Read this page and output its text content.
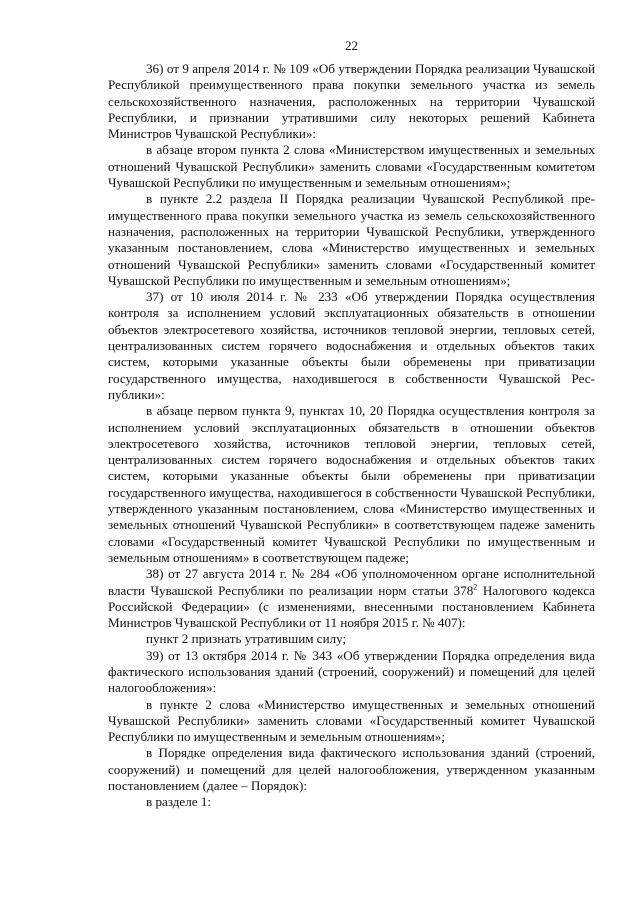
22

36) от 9 апреля 2014 г. № 109 «Об утверждении Порядка реализации Чувашской Республикой преимущественного права покупки земельного участка из земель сельскохозяйственного назначения, расположенных на территории Чувашской Республики, и признании утратившими силу некоторых решений Кабинета Министров Чувашской Республики»:

в абзаце втором пункта 2 слова «Министерством имущественных и земельных отношений Чувашской Республики» заменить словами «Государственным комитетом Чувашской Республики по имущественным и земельным отношениям»;

в пункте 2.2 раздела II Порядка реализации Чувашской Республикой преимущественного права покупки земельного участка из земель сельскохозяйственного назначения, расположенных на территории Чувашской Республики, утвержденного указанным постановлением, слова «Министерство имущественных и земельных отношений Чувашской Республики» заменить словами «Государственный комитет Чувашской Республики по имущественным и земельным отношениям»;

37) от 10 июля 2014 г. № 233 «Об утверждении Порядка осуществления контроля за исполнением условий эксплуатационных обязательств в отношении объектов электросетевого хозяйства, источников тепловой энергии, тепловых сетей, централизованных систем горячего водоснабжения и отдельных объектов таких систем, которыми указанные объекты были обременены при приватизации государственного имущества, находившегося в собственности Чувашской Республики»:

в абзаце первом пункта 9, пунктах 10, 20 Порядка осуществления контроля за исполнением условий эксплуатационных обязательств в отношении объектов электросетевого хозяйства, источников тепловой энергии, тепловых сетей, централизованных систем горячего водоснабжения и отдельных объектов таких систем, которыми указанные объекты были обременены при приватизации государственного имущества, находившегося в собственности Чувашской Республики, утвержденного указанным постановлением, слова «Министерство имущественных и земельных отношений Чувашской Республики» в соответствующем падеже заменить словами «Государственный комитет Чувашской Республики по имущественным и земельным отношениям» в соответствующем падеже;

38) от 27 августа 2014 г. № 284 «Об уполномоченном органе исполнительной власти Чувашской Республики по реализации норм статьи $378^2$ Налогового кодекса Российской Федерации» (с изменениями, внесенными постановлением Кабинета Министров Чувашской Республики от 11 ноября 2015 г. № 407):

пункт 2 признать утратившим силу;

39) от 13 октября 2014 г. № 343 «Об утверждении Порядка определения вида фактического использования зданий (строений, сооружений) и помещений для целей налогообложения»:

в пункте 2 слова «Министерство имущественных и земельных отношений Чувашской Республики» заменить словами «Государственный комитет Чувашской Республики по имущественным и земельным отношениям»;

в Порядке определения вида фактического использования зданий (строений, сооружений) и помещений для целей налогообложения, утвержденном указанным постановлением (далее – Порядок):

в разделе 1:
